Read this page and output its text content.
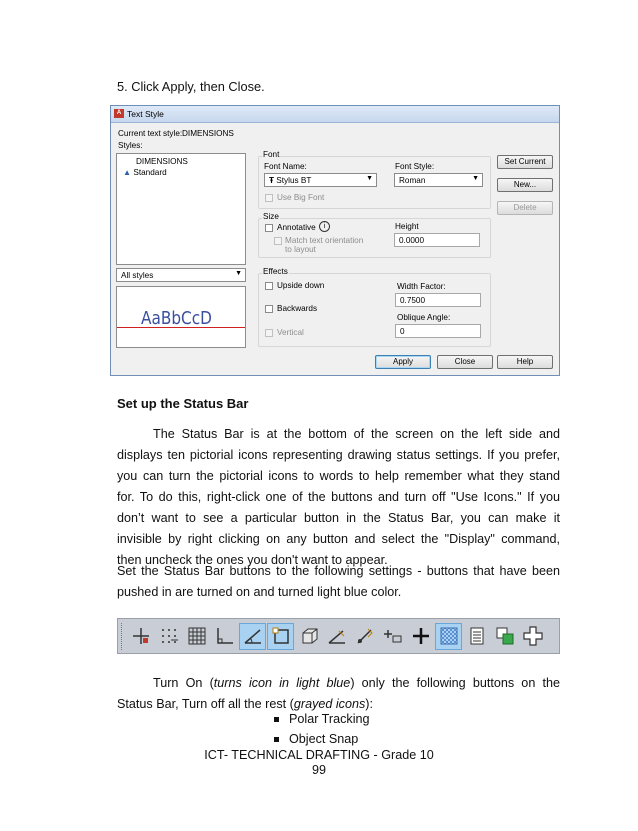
5. Click Apply, then Close.
A Text Style
Current text style: DIMENSIONS
Styles:
DIMENSIONS
▲ Standard
All styles	▼
AaBbCcD
Font
Font Name:
Ŧ Stylus BT	▼
Use Big Font
Font Style:
Roman	▼
Size
Annotative	i
Match text orientation
to layout
Height
0.0000
Effects
Upside down
Backwards
Vertical
Width Factor:
0.7500
Oblique Angle:
0
Set Current
New...
Delete
Apply	Close	Help
Set up the Status Bar
The Status Bar is at the bottom of the screen on the left side and
displays ten pictorial icons representing drawing status settings. If you prefer,
you can turn the pictorial icons to words to help remember what they stand
for. To do this, right-click one of the buttons and turn off "Use Icons." If you
don’t want to see a particular button in the Status Bar, you can make it
invisible by right clicking on any button and select the "Display" command,
then uncheck the ones you don't want to appear.
Set the Status Bar buttons to the following settings - buttons that have been
pushed in are turned on and turned light blue color.
Turn On (turns icon in light blue) only the following buttons on the
Status Bar, Turn off all the rest (grayed icons):
Polar Tracking
Object Snap
ICT- TECHNICAL DRAFTING - Grade 10
99
